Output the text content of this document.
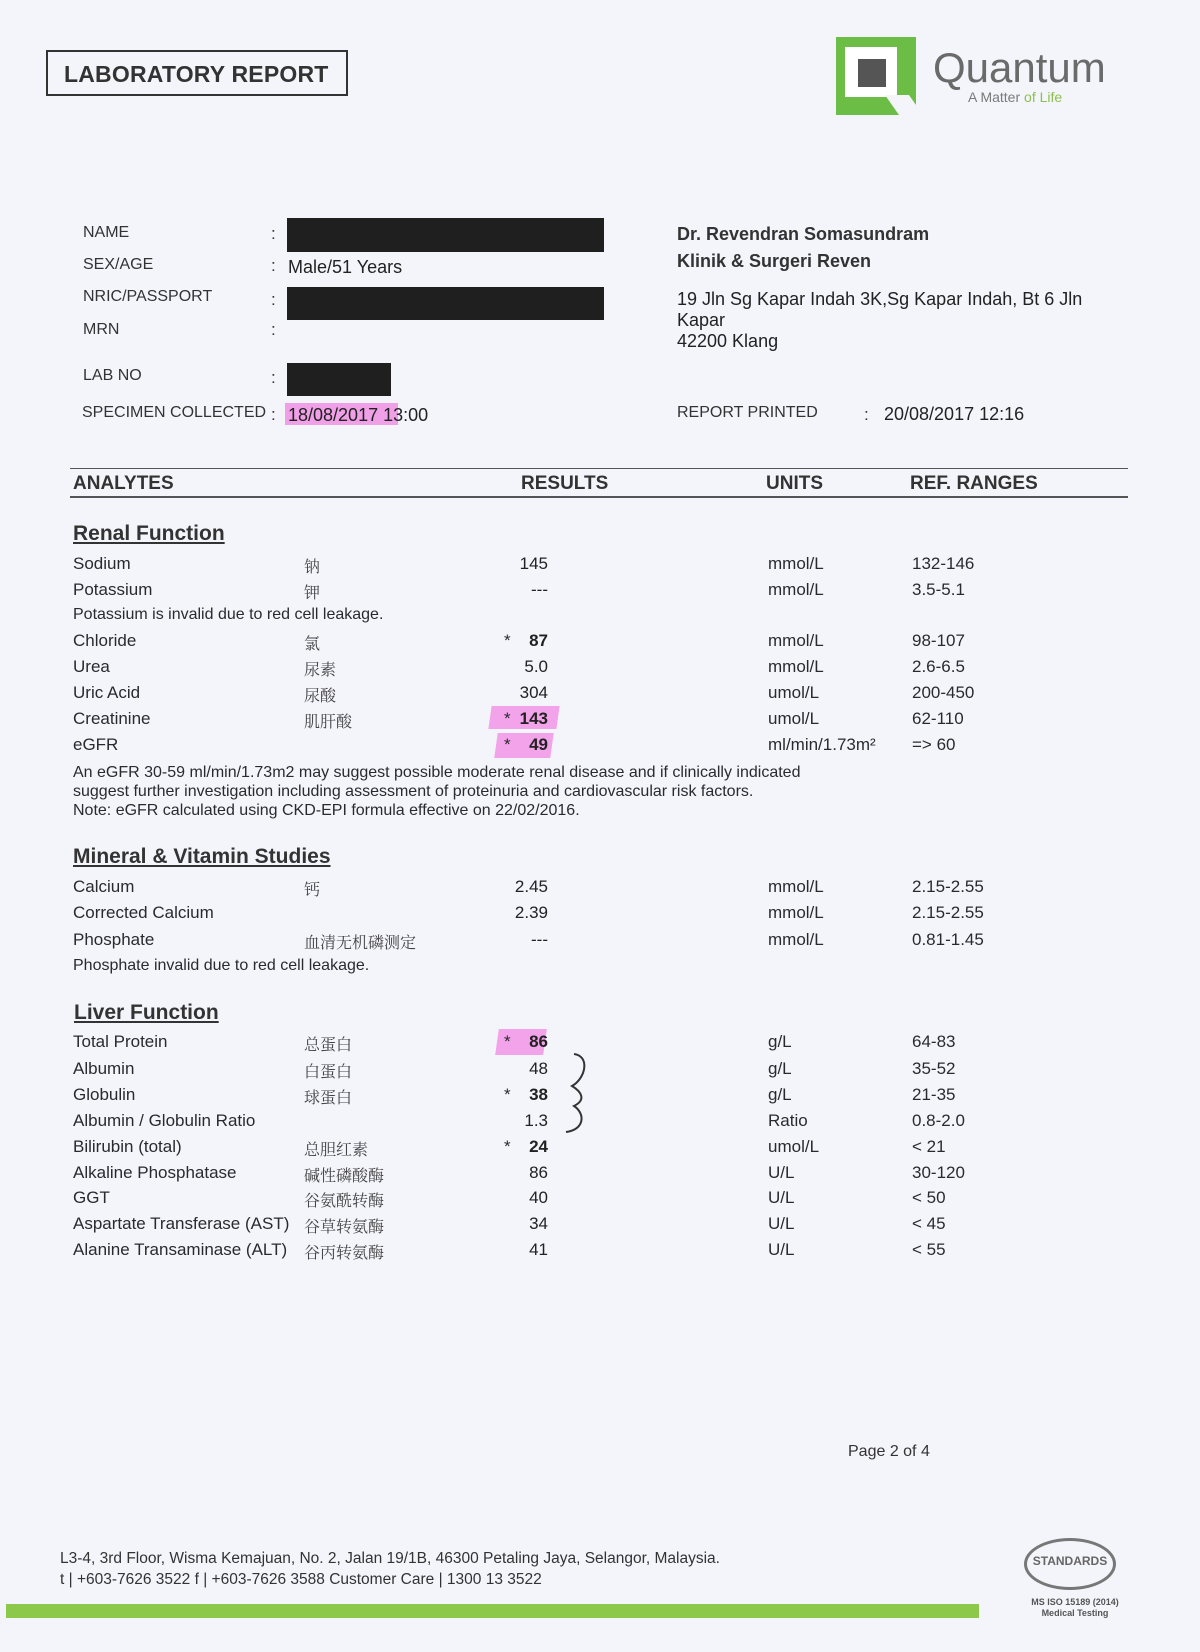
LABORATORY REPORT	Quantum
A Matter of Life
NAME	:
SEX/AGE	: Male/51 Years
NRIC/PASSPORT	:
MRN	:
LAB NO	:
SPECIMEN COLLECTED : 18/08/2017 13:00
Dr. Revendran Somasundram
Klinik & Surgeri Reven
19 Jln Sg Kapar Indah 3K,Sg Kapar Indah, Bt 6 Jln
Kapar
42200 Klang
REPORT PRINTED	: 20/08/2017 12:16
ANALYTES	RESULTS	UNITS	REF. RANGES
Renal Function
Sodium	钠	145	mmol/L	132-146
Potassium	钾	---	mmol/L	3.5-5.1
Chloride	氯	*	87	mmol/L	98-107
Urea	尿素	5.0	mmol/L	2.6-6.5
Uric Acid	尿酸	304	umol/L	200-450
Creatinine	肌肝酸	* 143	umol/L	62-110
eGFR	*	49	ml/min/1.73m² => 60
Potassium is invalid due to red cell leakage.
An eGFR 30-59 ml/min/1.73m2 may suggest possible moderate renal disease and if clinically indicated
suggest further investigation including assessment of proteinuria and cardiovascular risk factors.
Note: eGFR calculated using CKD-EPI formula effective on 22/02/2016.
Mineral & Vitamin Studies
Calcium	钙	2.45	mmol/L	2.15-2.55
Corrected Calcium	2.39	mmol/L	2.15-2.55
Phosphate	血清无机磷测定	---	mmol/L	0.81-1.45
Phosphate invalid due to red cell leakage.
Liver Function
Total Protein	总蛋白	*	86	g/L	64-83
Albumin	白蛋白	48	g/L	35-52
Globulin	球蛋白	*	38	g/L	21-35
Albumin / Globulin Ratio	1.3	Ratio	0.8-2.0
Bilirubin (total)	总胆红素	*	24	umol/L	< 21
Alkaline Phosphatase	碱性磷酸酶	86	U/L	30-120
GGT	谷氨酰转酶	40	U/L	< 50
Aspartate Transferase (AST) 谷草转氨酶	34	U/L	< 45
Alanine Transaminase (ALT) 谷丙转氨酶	41	U/L	< 55
Page 2 of 4
L3-4, 3rd Floor, Wisma Kemajuan, No. 2, Jalan 19/1B, 46300 Petaling Jaya, Selangor, Malaysia.
t | +603-7626 3522 f | +603-7626 3588 Customer Care | 1300 13 3522
STANDARDS
MS ISO 15189 (2014)
Medical Testing
